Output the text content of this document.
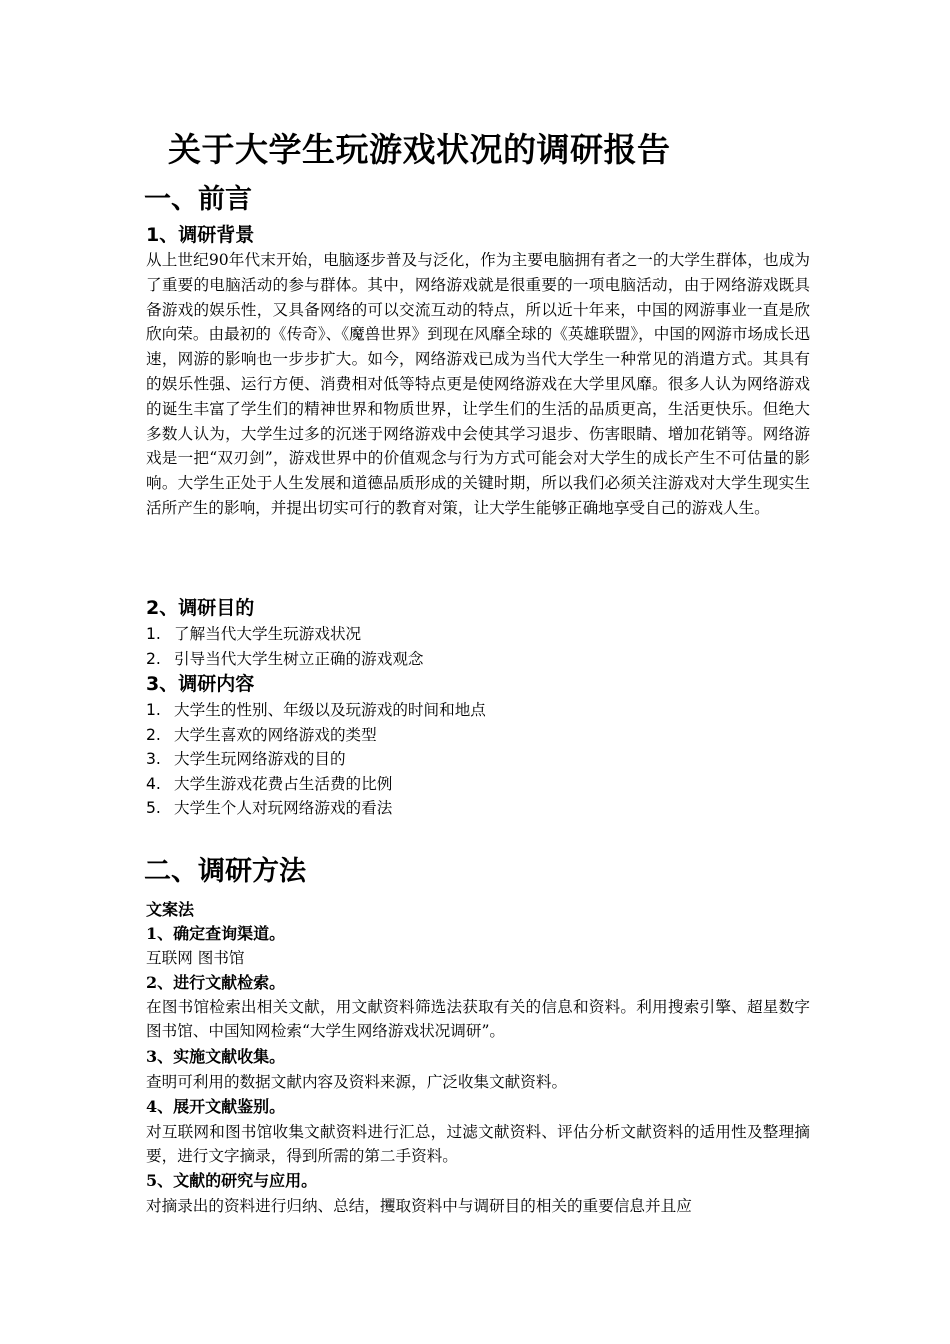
关于大学生玩游戏状况的调研报告
一、前言
1、调研背景
从上世纪90年代末开始，电脑逐步普及与泛化，作为主要电脑拥有者之一的大学生群体，也成为了重要的电脑活动的参与群体。其中，网络游戏就是很重要的一项电脑活动，由于网络游戏既具备游戏的娱乐性，又具备网络的可以交流互动的特点，所以近十年来，中国的网游事业一直是欣欣向荣。由最初的《传奇》、《魔兽世界》到现在风靡全球的《英雄联盟》，中国的网游市场成长迅速，网游的影响也一步步扩大。如今，网络游戏已成为当代大学生一种常见的消遣方式。其具有的娱乐性强、运行方便、消费相对低等特点更是使网络游戏在大学里风靡。很多人认为网络游戏的诞生丰富了学生们的精神世界和物质世界，让学生们的生活的品质更高，生活更快乐。但绝大多数人认为，大学生过多的沉迷于网络游戏中会使其学习退步、伤害眼睛、增加花销等。网络游戏是一把“双刃剑”，游戏世界中的价值观念与行为方式可能会对大学生的成长产生不可估量的影响。大学生正处于人生发展和道德品质形成的关键时期，所以我们必须关注游戏对大学生现实生活所产生的影响，并提出切实可行的教育对策，让大学生能够正确地享受自己的游戏人生。
2、调研目的
1. 了解当代大学生玩游戏状况
2. 引导当代大学生树立正确的游戏观念
3、调研内容
1. 大学生的性别、年级以及玩游戏的时间和地点
2. 大学生喜欢的网络游戏的类型
3. 大学生玩网络游戏的目的
4. 大学生游戏花费占生活费的比例
5. 大学生个人对玩网络游戏的看法
二、调研方法
文案法
1、确定查询渠道。
互联网 图书馆
2、进行文献检索。
在图书馆检索出相关文献，用文献资料筛选法获取有关的信息和资料。利用搜索引擎、超星数字图书馆、中国知网检索“大学生网络游戏状况调研”。
3、实施文献收集。
查明可利用的数据文献内容及资料来源，广泛收集文献资料。
4、展开文献鉴别。
对互联网和图书馆收集文献资料进行汇总，过滤文献资料、评估分析文献资料的适用性及整理摘要，进行文字摘录，得到所需的第二手资料。
5、文献的研究与应用。
对摘录出的资料进行归纳、总结，攫取资料中与调研目的相关的重要信息并且应
